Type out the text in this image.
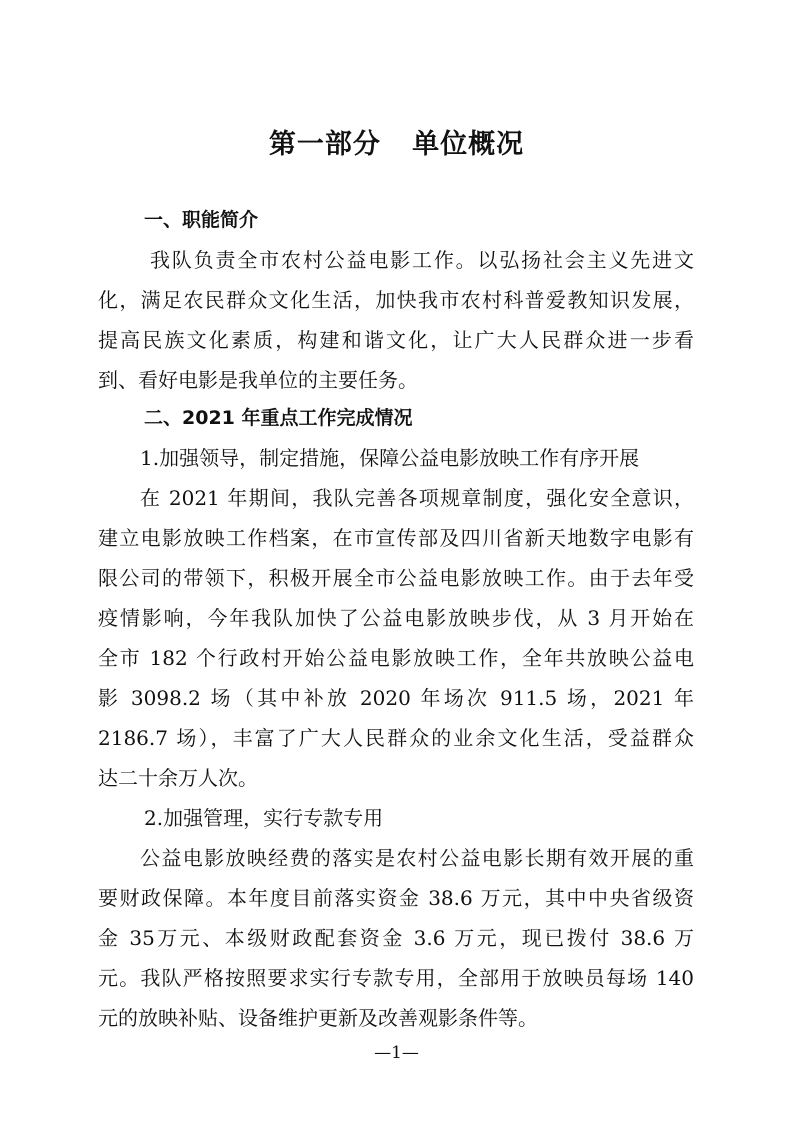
第一部分   单位概况
一、职能简介
我队负责全市农村公益电影工作。以弘扬社会主义先进文
化，满足农民群众文化生活，加快我市农村科普爱教知识发展，
提高民族文化素质，构建和谐文化，让广大人民群众进一步看
到、看好电影是我单位的主要任务。
二、2021 年重点工作完成情况
1.加强领导，制定措施，保障公益电影放映工作有序开展
在 2021 年期间，我队完善各项规章制度，强化安全意识，
建立电影放映工作档案，在市宣传部及四川省新天地数字电影有
限公司的带领下，积极开展全市公益电影放映工作。由于去年受
疫情影响，今年我队加快了公益电影放映步伐，从 3 月开始在
全市 182 个行政村开始公益电影放映工作，全年共放映公益电
影 3098.2 场（其中补放 2020 年场次 911.5 场，2021 年
2186.7 场），丰富了广大人民群众的业余文化生活，受益群众
达二十余万人次。
2.加强管理，实行专款专用
公益电影放映经费的落实是农村公益电影长期有效开展的重
要财政保障。本年度目前落实资金 38.6 万元，其中中央省级资
金 35万元、本级财政配套资金 3.6 万元，现已拨付 38.6 万
元。我队严格按照要求实行专款专用，全部用于放映员每场 140
元的放映补贴、设备维护更新及改善观影条件等。
—1—
